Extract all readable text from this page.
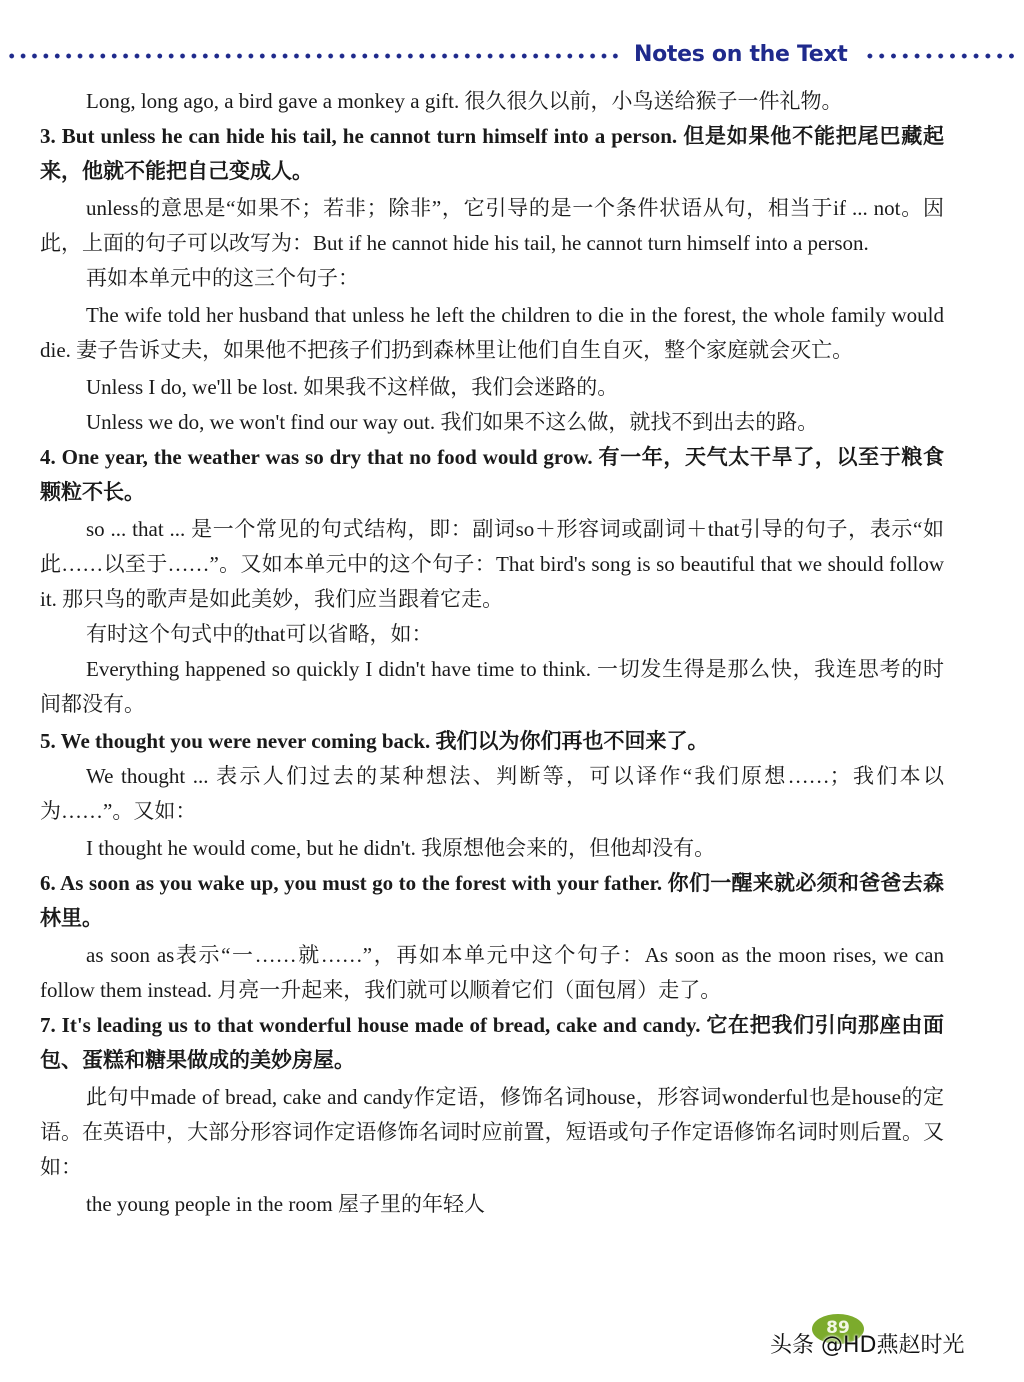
Notes on the Text

Long, long ago, a bird gave a monkey a gift. 很久很久以前，小鸟送给猴子一件礼物。

3. But unless he can hide his tail, he cannot turn himself into a person. 但是如果他不能把尾巴藏起来，他就不能把自己变成人。

unless的意思是“如果不；若非；除非”，它引导的是一个条件状语从句，相当于if ... not。因此，上面的句子可以改写为：But if he cannot hide his tail, he cannot turn himself into a person.

再如本单元中的这三个句子：

The wife told her husband that unless he left the children to die in the forest, the whole family would die. 妻子告诉丈夫，如果他不把孩子们扔到森林里让他们自生自灭，整个家庭就会灭亡。

Unless I do, we'll be lost. 如果我不这样做，我们会迷路的。

Unless we do, we won't find our way out. 我们如果不这么做，就找不到出去的路。

4. One year, the weather was so dry that no food would grow. 有一年，天气太干旱了，以至于粮食颗粒不长。

so ... that ... 是一个常见的句式结构，即：副词so＋形容词或副词＋that引导的句子，表示“如此……以至于……”。又如本单元中的这个句子：That bird's song is so beautiful that we should follow it. 那只鸟的歌声是如此美妙，我们应当跟着它走。

有时这个句式中的that可以省略，如：

Everything happened so quickly I didn't have time to think. 一切发生得是那么快，我连思考的时间都没有。

5. We thought you were never coming back. 我们以为你们再也不回来了。

We thought ... 表示人们过去的某种想法、判断等，可以译作“我们原想……；我们本以为……”。又如：

I thought he would come, but he didn't. 我原想他会来的，但他却没有。

6. As soon as you wake up, you must go to the forest with your father. 你们一醒来就必须和爸爸去森林里。

as soon as表示“一……就……”，再如本单元中这个句子：As soon as the moon rises, we can follow them instead. 月亮一升起来，我们就可以顺着它们（面包屑）走了。

7. It's leading us to that wonderful house made of bread, cake and candy. 它在把我们引向那座由面包、蛋糕和糖果做成的美妙房屋。

此句中made of bread, cake and candy作定语，修饰名词house，形容词wonderful也是house的定语。在英语中，大部分形容词作定语修饰名词时应前置，短语或句子作定语修饰名词时则后置。又如：

the young people in the room 屋子里的年轻人

89
头条 @HD燕赵时光
